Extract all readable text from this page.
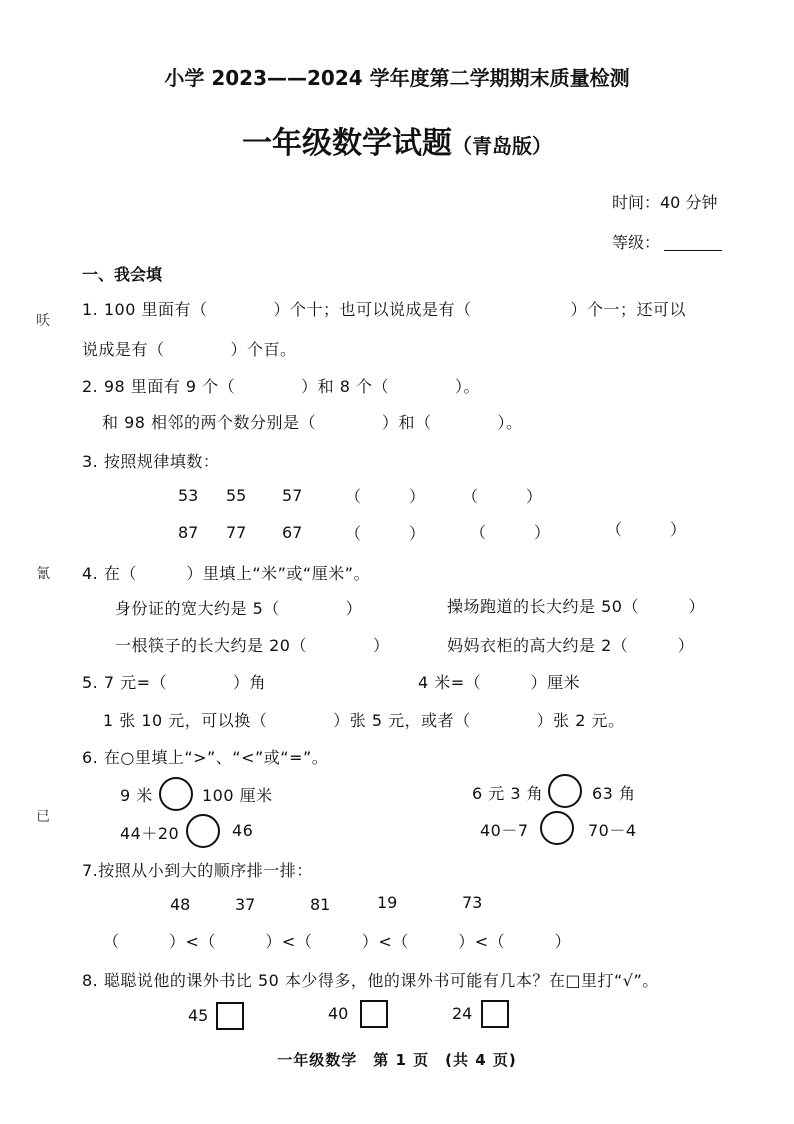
小学 2023——2024 学年度第二学期期末质量检测
一年级数学试题（青岛版）
时间：40 分钟
等级：
㕭
氰
已
一、我会填
1. 100 里面有（　　　　）个十；也可以说成是有（　　　　　　）个一；还可以
说成是有（　　　　）个百。
2. 98 里面有 9 个（　　　　）和 8 个（　　　　）。
和 98 相邻的两个数分别是（　　　　）和（　　　　）。
3. 按照规律填数：
53 55 57	（　　　） （　　　）
87 77 67	（　　　）	（　　　）	（　　　）
4. 在（　　　）里填上“米”或“厘米”。
身份证的宽大约是 5（　　　　）	操场跑道的长大约是 50（　　　）
一根筷子的长大约是 20（　　　　）	妈妈衣柜的高大约是 2（　　　）
5. 7 元=（　　　　）角	4 米=（　　　）厘米
1 张 10 元，可以换（　　　　）张 5 元，或者（　　　　）张 2 元。
6. 在○里填上“>”、“<”或“=”。
9 米	100 厘米	6 元 3 角	63 角
44＋20	46	40－7	70－4
7.按照从小到大的顺序排一排：
48	37	81	19	73
（　　　）<（　　　）<（　　　）<（　　　）<（　　　）
8. 聪聪说他的课外书比 50 本少得多，他的课外书可能有几本？在□里打“√”。
45	40	24
一年级数学　第 1 页　(共 4 页)
